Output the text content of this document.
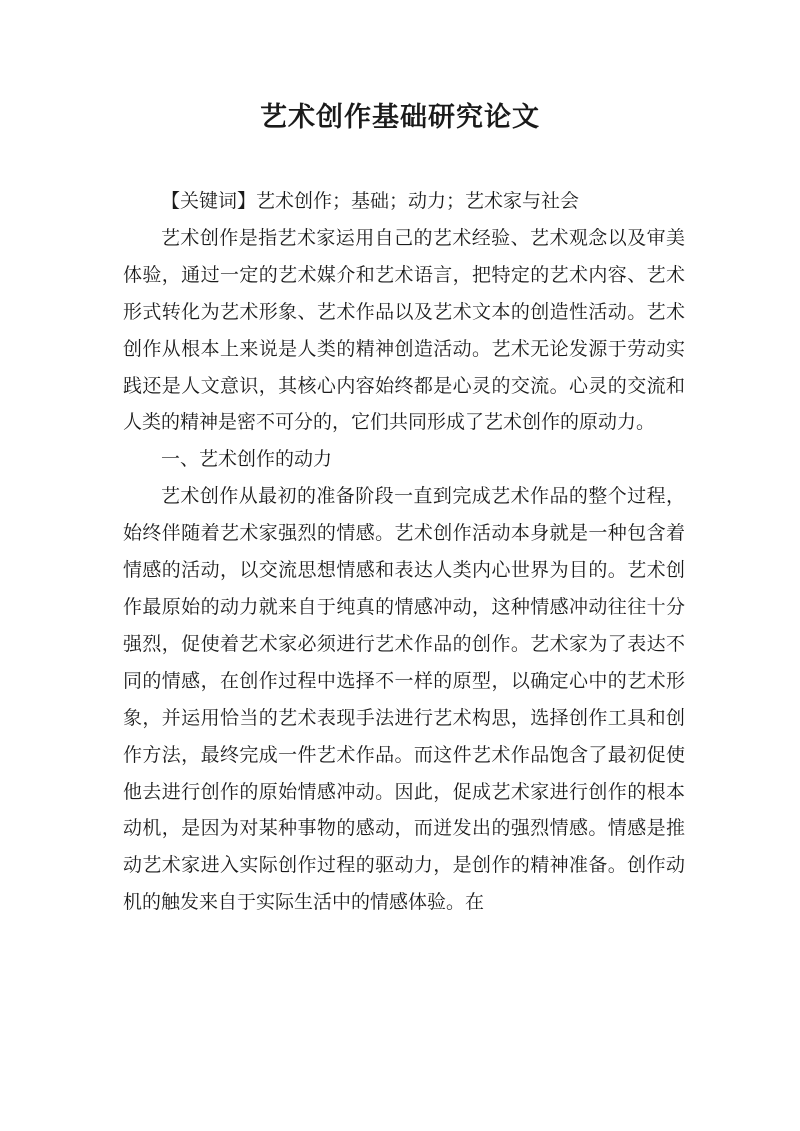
艺术创作基础研究论文

【关键词】艺术创作；基础；动力；艺术家与社会

艺术创作是指艺术家运用自己的艺术经验、艺术观念以及审美体验，通过一定的艺术媒介和艺术语言，把特定的艺术内容、艺术形式转化为艺术形象、艺术作品以及艺术文本的创造性活动。艺术创作从根本上来说是人类的精神创造活动。艺术无论发源于劳动实践还是人文意识，其核心内容始终都是心灵的交流。心灵的交流和人类的精神是密不可分的，它们共同形成了艺术创作的原动力。

一、艺术创作的动力

艺术创作从最初的准备阶段一直到完成艺术作品的整个过程，始终伴随着艺术家强烈的情感。艺术创作活动本身就是一种包含着情感的活动，以交流思想情感和表达人类内心世界为目的。艺术创作最原始的动力就来自于纯真的情感冲动，这种情感冲动往往十分强烈，促使着艺术家必须进行艺术作品的创作。艺术家为了表达不同的情感，在创作过程中选择不一样的原型，以确定心中的艺术形象，并运用恰当的艺术表现手法进行艺术构思，选择创作工具和创作方法，最终完成一件艺术作品。而这件艺术作品饱含了最初促使他去进行创作的原始情感冲动。因此，促成艺术家进行创作的根本动机，是因为对某种事物的感动，而迸发出的强烈情感。情感是推动艺术家进入实际创作过程的驱动力，是创作的精神准备。创作动机的触发来自于实际生活中的情感体验。在
